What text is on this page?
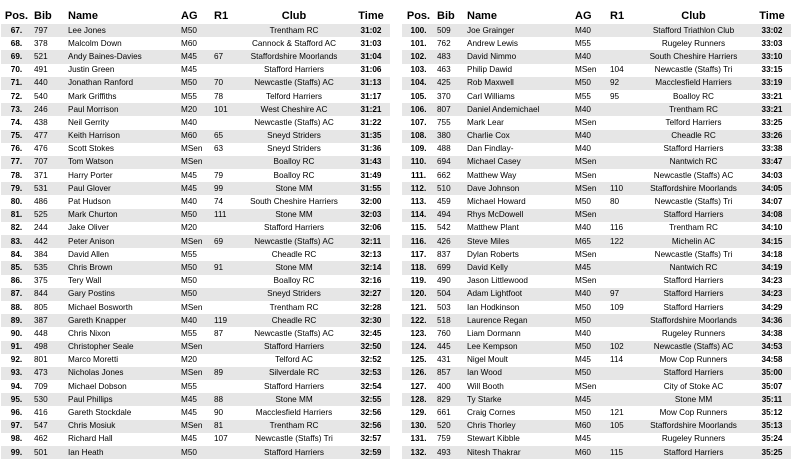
Pos.	Bib	Name	AG	R1	Club	Time
67.	797	Lee Jones	M50		Trentham RC	31:02
68.	378	Malcolm Down	M60		Cannock & Stafford AC	31:03
69.	521	Andy Baines-Davies	M45	67	Staffordshire Moorlands	31:04
70.	491	Justin Green	M45		Stafford Harriers	31:06
71.	440	Jonathan Ranford	M50	70	Newcastle (Staffs) AC	31:13
72.	540	Mark Griffiths	M55	78	Telford Harriers	31:17
73.	246	Paul Morrison	M20	101	West Cheshire AC	31:21
74.	438	Neil Gerrity	M40		Newcastle (Staffs) AC	31:22
75.	477	Keith Harrison	M60	65	Sneyd Striders	31:35
76.	476	Scott Stokes	MSen	63	Sneyd Striders	31:36
77.	707	Tom Watson	MSen		Boalloy RC	31:43
78.	371	Harry Porter	M45	79	Boalloy RC	31:49
79.	531	Paul Glover	M45	99	Stone MM	31:55
80.	486	Pat Hudson	M40	74	South Cheshire Harriers	32:00
81.	525	Mark Churton	M50	111	Stone MM	32:03
82.	244	Jake Oliver	M20		Stafford Harriers	32:06
83.	442	Peter Anison	MSen	69	Newcastle (Staffs) AC	32:11
84.	384	David Allen	M55		Cheadle RC	32:13
85.	535	Chris Brown	M50	91	Stone MM	32:14
86.	375	Tery Wall	M50		Boalloy RC	32:16
87.	844	Gary Postins	M50		Sneyd Striders	32:27
88.	805	Michael Bosworth	MSen		Trentham RC	32:28
89.	387	Gareth Knapper	M40	119	Cheadle RC	32:30
90.	448	Chris Nixon	M55	87	Newcastle (Staffs) AC	32:45
91.	498	Christopher Seale	MSen		Stafford Harriers	32:50
92.	801	Marco Moretti	M20		Telford AC	32:52
93.	473	Nicholas Jones	MSen	89	Silverdale RC	32:53
94.	709	Michael Dobson	M55		Stafford Harriers	32:54
95.	530	Paul Phillips	M45	88	Stone MM	32:55
96.	416	Gareth Stockdale	M45	90	Macclesfield Harriers	32:56
97.	547	Chris Mosiuk	MSen	81	Trentham RC	32:56
98.	462	Richard Hall	M45	107	Newcastle (Staffs) Tri	32:57
99.	501	Ian Heath	M50		Stafford Harriers	32:59
Pos.	Bib	Name	AG	R1	Club	Time
100.	509	Joe Grainger	M40		Stafford Triathlon Club	33:02
101.	762	Andrew Lewis	M55		Rugeley Runners	33:03
102.	483	David Nimmo	M40		South Cheshire Harriers	33:10
103.	463	Philip Dawid	MSen	104	Newcastle (Staffs) Tri	33:15
104.	425	Rob Maxwell	M50	92	Macclesfield Harriers	33:19
105.	370	Carl Williams	M55	95	Boalloy RC	33:21
106.	807	Daniel Andemichael	M40		Trentham RC	33:21
107.	755	Mark Lear	MSen		Telford Harriers	33:25
108.	380	Charlie Cox	M40		Cheadle RC	33:26
109.	488	Dan Findlay-	M40		Stafford Harriers	33:38
110.	694	Michael Casey	MSen		Nantwich RC	33:47
111.	662	Matthew Way	MSen		Newcastle (Staffs) AC	34:03
112.	510	Dave Johnson	MSen	110	Staffordshire Moorlands	34:05
113.	459	Michael Howard	M50	80	Newcastle (Staffs) Tri	34:07
114.	494	Rhys McDowell	MSen		Stafford Harriers	34:08
115.	542	Matthew Plant	M40	116	Trentham RC	34:10
116.	426	Steve Miles	M65	122	Michelin AC	34:15
117.	837	Dylan Roberts	MSen		Newcastle (Staffs) Tri	34:18
118.	699	David Kelly	M45		Nantwich RC	34:19
119.	490	Jason Littlewood	MSen		Stafford Harriers	34:23
120.	504	Adam Lightfoot	M40	97	Stafford Harriers	34:23
121.	503	Ian Hodkinson	M50	109	Stafford Harriers	34:29
122.	518	Laurence Regan	M50		Staffordshire Moorlands	34:36
123.	760	Liam Dormann	M40		Rugeley Runners	34:38
124.	445	Lee Kempson	M50	102	Newcastle (Staffs) AC	34:53
125.	431	Nigel Moult	M45	114	Mow Cop Runners	34:58
126.	857	Ian Wood	M50		Stafford Harriers	35:00
127.	400	Will Booth	MSen		City of Stoke AC	35:07
128.	829	Ty Starke	M45		Stone MM	35:11
129.	661	Craig Cornes	M50	121	Mow Cop Runners	35:12
130.	520	Chris Thorley	M60	105	Staffordshire Moorlands	35:13
131.	759	Stewart Kibble	M45		Rugeley Runners	35:24
132.	493	Nitesh Thakrar	M60	115	Stafford Harriers	35:25
